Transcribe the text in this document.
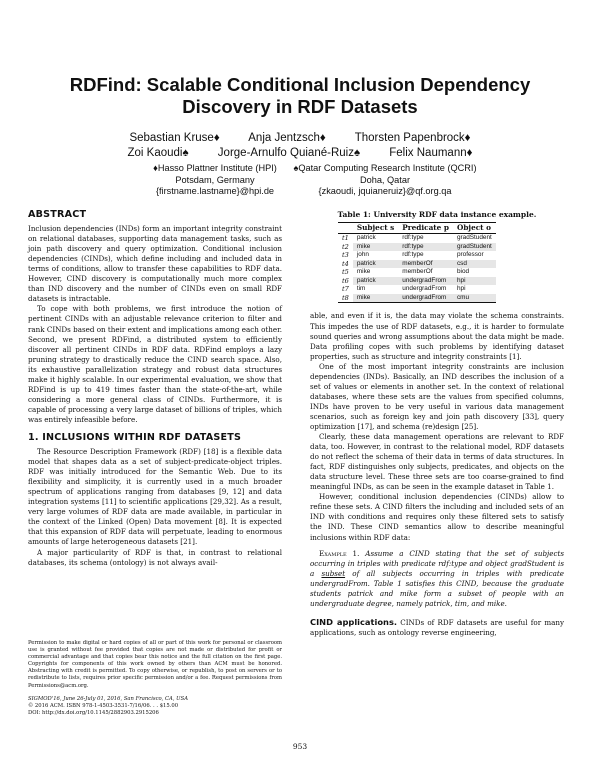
RDFind: Scalable Conditional Inclusion Dependency
Discovery in RDF Datasets
Sebastian Kruse♦ Anja Jentzsch♦	Thorsten Papenbrock♦
Zoi Kaoudi♠	Jorge-Arnulfo Quiané-Ruiz♠	Felix Naumann♦
♦Hasso Plattner Institute (HPI)
Potsdam, Germany
{firstname.lastname}@hpi.de
♠Qatar Computing Research Institute (QCRI)
Doha, Qatar
{zkaoudi, jquianeruiz}@qf.org.qa
ABSTRACT

Inclusion dependencies (INDs) form an important integrity constraint on relational databases, supporting data management tasks, such as join path discovery and query optimization. Conditional inclusion dependencies (CINDs), which define including and included data in terms of conditions, allow to transfer these capabilities to RDF data. However, CIND discovery is computationally much more complex than IND discovery and the number of CINDs even on small RDF datasets is intractable.

To cope with both problems, we first introduce the notion of pertinent CINDs with an adjustable relevance criterion to filter and rank CINDs based on their extent and implications among each other. Second, we present RDFind, a distributed system to efficiently discover all pertinent CINDs in RDF data. RDFind employs a lazy pruning strategy to drastically reduce the CIND search space. Also, its exhaustive parallelization strategy and robust data structures make it highly scalable. In our experimental evaluation, we show that RDFind is up to 419 times faster than the state-of-the-art, while considering a more general class of CINDs. Furthermore, it is capable of processing a very large dataset of billions of triples, which was entirely infeasible before.

1. INCLUSIONS WITHIN RDF DATASETS

The Resource Description Framework (RDF) [18] is a flexible data model that shapes data as a set of subject-predicate-object triples. RDF was initially introduced for the Semantic Web. Due to its flexibility and simplicity, it is currently used in a much broader spectrum of applications ranging from databases [9, 12] and data integration systems [11] to scientific applications [29,32]. As a result, very large volumes of RDF data are made available, in particular in the context of the Linked (Open) Data movement [8]. It is expected that this expansion of RDF data will perpetuate, leading to enormous amounts of large heterogeneous datasets [21].

A major particularity of RDF is that, in contrast to relational databases, its schema (ontology) is not always avail-

Permission to make digital or hard copies of all or part of this work for personal or classroom use is granted without fee provided that copies are not made or distributed for profit or commercial advantage and that copies bear this notice and the full citation on the first page. Copyrights for components of this work owned by others than ACM must be honored. Abstracting with credit is permitted. To copy otherwise, or republish, to post on servers or to redistribute to lists, requires prior specific permission and/or a fee. Request permissions from Permissions@acm.org.

SIGMOD'16, June 26-July 01, 2016, San Francisco, CA, USA

© 2016 ACM. ISBN 978-1-4503-3531-7/16/06. . . $15.00

DOI: http://dx.doi.org/10.1145/2882903.2915206

Table 1: University RDF data instance example.
	Subject s	Predicate p	Object o
t1	patrick	rdf:type	gradStudent
t2	mike	rdf:type	gradStudent
t3	john	rdf:type	professor
t4	patrick	memberOf	csd
t5	mike	memberOf	biod
t6	patrick	undergradFrom	hpi
t7	tim	undergradFrom	hpi
t8	mike	undergradFrom	cmu

able, and even if it is, the data may violate the schema constraints. This impedes the use of RDF datasets, e.g., it is harder to formulate sound queries and wrong assumptions about the data might be made. Data profiling copes with such problems by identifying dataset properties, such as structure and integrity constraints [1].

One of the most important integrity constraints are inclusion dependencies (INDs). Basically, an IND describes the inclusion of a set of values or elements in another set. In the context of relational databases, where these sets are the values from specified columns, INDs have proven to be very useful in various data management scenarios, such as foreign key and join path discovery [33], query optimization [17], and schema (re)design [25].

Clearly, these data management operations are relevant to RDF data, too. However, in contrast to the relational model, RDF datasets do not reflect the schema of their data in terms of data structures. In fact, RDF distinguishes only subjects, predicates, and objects on the data structure level. These three sets are too coarse-grained to find meaningful INDs, as can be seen in the example dataset in Table 1.

However, conditional inclusion dependencies (CINDs) allow to refine these sets. A CIND filters the including and included sets of an IND with conditions and requires only these filtered sets to satisfy the IND. These CIND semantics allow to describe meaningful inclusions within RDF data:

Example 1. Assume a CIND stating that the set of subjects occurring in triples with predicate rdf:type and object gradStudent is a subset of all subjects occurring in triples with predicate undergradFrom. Table 1 satisfies this CIND, because the graduate students patrick and mike form a subset of people with an undergraduate degree, namely patrick, tim, and mike.

CIND applications. CINDs of RDF datasets are useful for many applications, such as ontology reverse engineering,

953
